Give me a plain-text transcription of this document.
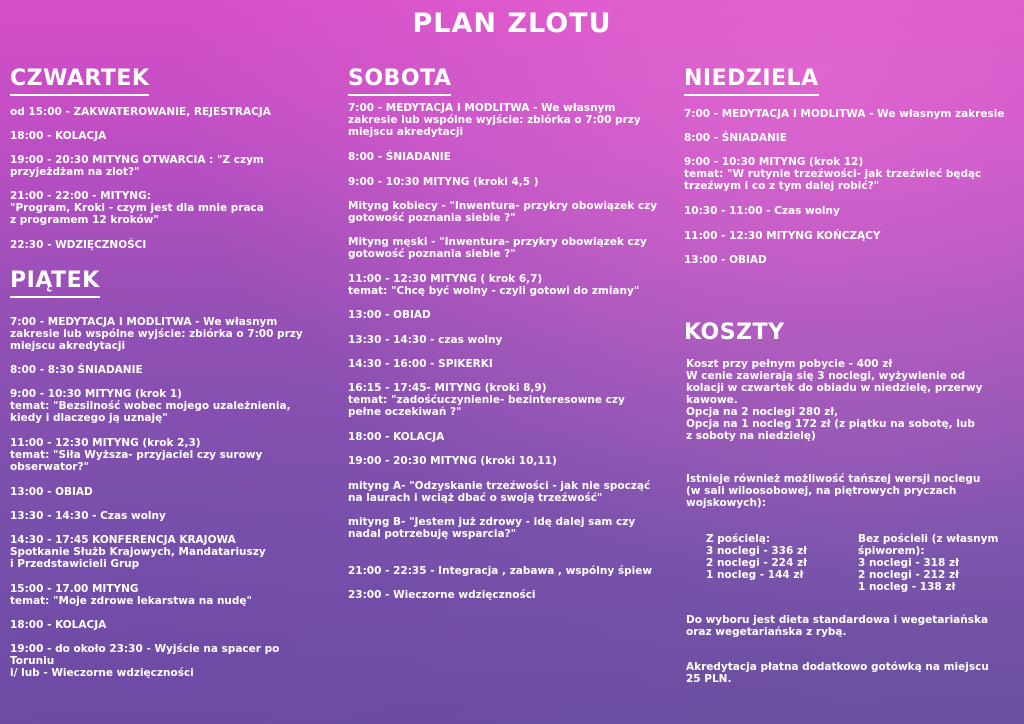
PLAN ZLOTU
CZWARTEK
od 15:00 - ZAKWATEROWANIE, REJESTRACJA
18:00 - KOLACJA
19:00 - 20:30 MITYNG OTWARCIA : "Z czym
przyjeżdżam na zlot?"
21:00 - 22:00 - MITYNG:
"Program, Kroki - czym jest dla mnie praca
z programem 12 kroków"
22:30 - WDZIĘCZNOŚCI
PIĄTEK
7:00 - MEDYTACJA I MODLITWA - We własnym
zakresie lub wspólne wyjście: zbiórka o 7:00 przy
miejscu akredytacji
8:00 - 8:30 ŚNIADANIE
9:00 - 10:30 MITYNG (krok 1)
temat: "Bezsilność wobec mojego uzależnienia,
kiedy i dlaczego ją uznaję"
11:00 - 12:30 MITYNG (krok 2,3)
temat: "Siła Wyższa- przyjaciel czy surowy
obserwator?"
13:00 - OBIAD
13:30 - 14:30 - Czas wolny
14:30 - 17:45 KONFERENCJA KRAJOWA
Spotkanie Służb Krajowych, Mandatariuszy
i Przedstawicieli Grup
15:00 - 17.00 MITYNG
temat: "Moje zdrowe lekarstwa na nudę"
18:00 - KOLACJA
19:00 - do około 23:30 - Wyjście na spacer po
Toruniu
i/ lub - Wieczorne wdzięczności
SOBOTA
7:00 - MEDYTACJA I MODLITWA - We własnym
zakresie lub wspólne wyjście: zbiórka o 7:00 przy
miejscu akredytacji
8:00 - ŚNIADANIE
9:00 - 10:30 MITYNG (kroki 4,5 )
Mityng kobiecy - "Inwentura- przykry obowiązek czy
gotowość poznania siebie ?"
Mityng męski - "Inwentura- przykry obowiązek czy
gotowość poznania siebie ?"
11:00 - 12:30 MITYNG ( krok 6,7)
temat: "Chcę być wolny - czyli gotowi do zmiany"
13:00 - OBIAD
13:30 - 14:30 - czas wolny
14:30 - 16:00 - SPIKERKI
16:15 - 17:45- MITYNG (kroki 8,9)
temat: "zadośćuczynienie- bezinteresowne czy
pełne oczekiwań ?"
18:00 - KOLACJA
19:00 - 20:30 MITYNG (kroki 10,11)
mityng A- "Odzyskanie trzeźwości - jak nie spocząć
na laurach i wciąż dbać o swoją trzeźwość"
mityng B- "Jestem już zdrowy - idę dalej sam czy
nadal potrzebuję wsparcia?"
21:00 - 22:35 - Integracja , zabawa , wspólny śpiew
23:00 - Wieczorne wdzięczności
NIEDZIELA
7:00 - MEDYTACJA I MODLITWA - We własnym zakresie
8:00 - ŚNIADANIE
9:00 - 10:30 MITYNG (krok 12)
temat: "W rutynie trzeźwości- jak trzeźwieć będąc
trzeźwym i co z tym dalej robić?"
10:30 - 11:00 - Czas wolny
11:00 - 12:30 MITYNG KOŃCZĄCY
13:00 - OBIAD
KOSZTY
Koszt przy pełnym pobycie - 400 zł
W cenie zawierają się 3 noclegi, wyżywienie od
kolacji w czwartek do obiadu w niedzielę, przerwy
kawowe.
Opcja na 2 noclegi 280 zł,
Opcja na 1 nocleg 172 zł (z piątku na sobotę, lub
z soboty na niedzielę)
Istnieje również możliwość tańszej wersji noclegu
(w sali wiloosobowej, na piętrowych pryczach
wojskowych):
Z pościelą:
3 noclegi - 336 zł
2 noclegi - 224 zł
1 nocleg - 144 zł
Bez pościeli (z własnym
śpiworem):
3 noclegi - 318 zł
2 noclegi - 212 zł
1 nocleg - 138 zł
Do wyboru jest dieta standardowa i wegetariańska
oraz wegetariańska z rybą.
Akredytacja płatna dodatkowo gotówką na miejscu
25 PLN.
